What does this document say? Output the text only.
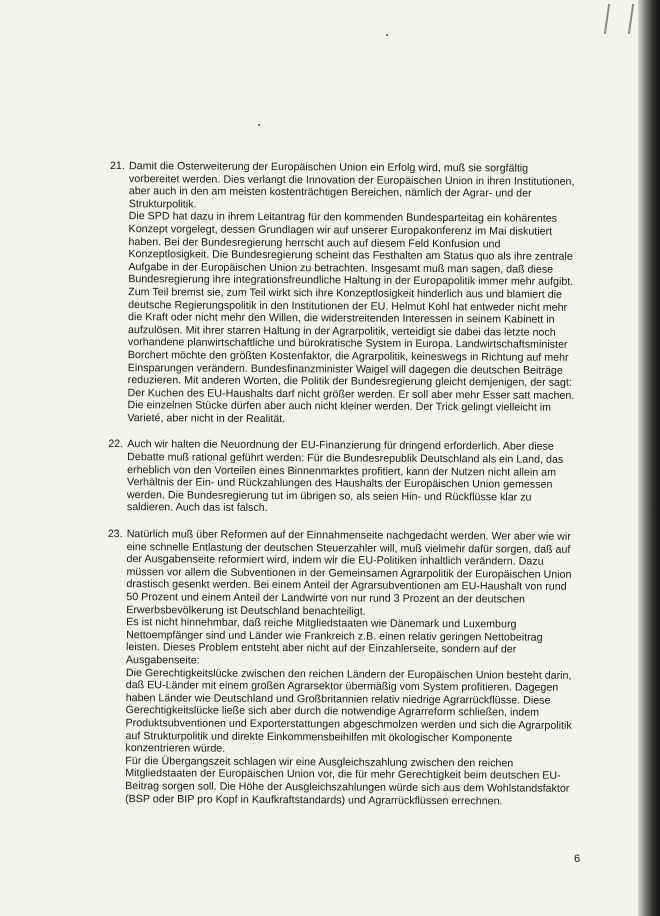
21. Damit die Osterweiterung der Europäischen Union ein Erfolg wird, muß sie sorgfältig vorbereitet werden. Dies verlangt die Innovation der Europäischen Union in ihren Institutionen, aber auch in den am meisten kostenträchtigen Bereichen, nämlich der Agrar- und der Strukturpolitik.

Die SPD hat dazu in ihrem Leitantrag für den kommenden Bundesparteitag ein kohärentes Konzept vorgelegt, dessen Grundlagen wir auf unserer Europakonferenz im Mai diskutiert haben. Bei der Bundesregierung herrscht auch auf diesem Feld Konfusion und Konzeptlosigkeit. Die Bundesregierung scheint das Festhalten am Status quo als ihre zentrale Aufgabe in der Europäischen Union zu betrachten. Insgesamt muß man sagen, daß diese Bundesregierung ihre integrationsfreundliche Haltung in der Europapolitik immer mehr aufgibt. Zum Teil bremst sie, zum Teil wirkt sich ihre Konzeptlosigkeit hinderlich aus und blamiert die deutsche Regierungspolitik in den Institutionen der EU. Helmut Kohl hat entweder nicht mehr die Kraft oder nicht mehr den Willen, die widerstreitenden Interessen in seinem Kabinett in aufzulösen. Mit ihrer starren Haltung in der Agrarpolitik, verteidigt sie dabei das letzte noch vorhandene planwirtschaftliche und bürokratische System in Europa. Landwirtschaftsminister Borchert möchte den größten Kostenfaktor, die Agrarpolitik, keineswegs in Richtung auf mehr Einsparungen verändern. Bundesfinanzminister Waigel will dagegen die deutschen Beiträge reduzieren. Mit anderen Worten, die Politik der Bundesregierung gleicht demjenigen, der sagt: Der Kuchen des EU-Haushalts darf nicht größer werden. Er soll aber mehr Esser satt machen. Die einzelnen Stücke dürfen aber auch nicht kleiner werden. Der Trick gelingt vielleicht im Varieté, aber nicht in der Realität.

22. Auch wir halten die Neuordnung der EU-Finanzierung für dringend erforderlich. Aber diese Debatte muß rational geführt werden: Für die Bundesrepublik Deutschland als ein Land, das erheblich von den Vorteilen eines Binnenmarktes profitiert, kann der Nutzen nicht allein am Verhältnis der Ein- und Rückzahlungen des Haushalts der Europäischen Union gemessen werden. Die Bundesregierung tut im übrigen so, als seien Hin- und Rückflüsse klar zu saldieren. Auch das ist falsch.

23. Natürlich muß über Reformen auf der Einnahmenseite nachgedacht werden. Wer aber wie wir eine schnelle Entlastung der deutschen Steuerzahler will, muß vielmehr dafür sorgen, daß auf der Ausgabenseite reformiert wird, indem wir die EU-Politiken inhaltlich verändern. Dazu müssen vor allem die Subventionen in der Gemeinsamen Agrarpolitik der Europäischen Union drastisch gesenkt werden. Bei einem Anteil der Agrarsubventionen am EU-Haushalt von rund 50 Prozent und einem Anteil der Landwirte von nur rund 3 Prozent an der deutschen Erwerbsbevölkerung ist Deutschland benachteiligt.

Es ist nicht hinnehmbar, daß reiche Mitgliedstaaten wie Dänemark und Luxemburg Nettoempfänger sind und Länder wie Frankreich z.B. einen relativ geringen Nettobeitrag leisten. Dieses Problem entsteht aber nicht auf der Einzahlerseite, sondern auf der Ausgabenseite:

Die Gerechtigkeitslücke zwischen den reichen Ländern der Europäischen Union besteht darin, daß EU-Länder mit einem großen Agrarsektor übermäßig vom System profitieren. Dagegen haben Länder wie Deutschland und Großbritannien relativ niedrige Agrarrückflüsse. Diese Gerechtigkeitslücke ließe sich aber durch die notwendige Agrarreform schließen, indem Produktsubventionen und Exporterstattungen abgeschmolzen werden und sich die Agrarpolitik auf Strukturpolitik und direkte Einkommensbeihilfen mit ökologischer Komponente konzentrieren würde.

Für die Übergangszeit schlagen wir eine Ausgleichszahlung zwischen den reichen Mitgliedstaaten der Europäischen Union vor, die für mehr Gerechtigkeit beim deutschen EU-Beitrag sorgen soll. Die Höhe der Ausgleichszahlungen würde sich aus dem Wohlstandsfaktor (BSP oder BIP pro Kopf in Kaufkraftstandards) und Agrarrückflüssen errechnen.

6
